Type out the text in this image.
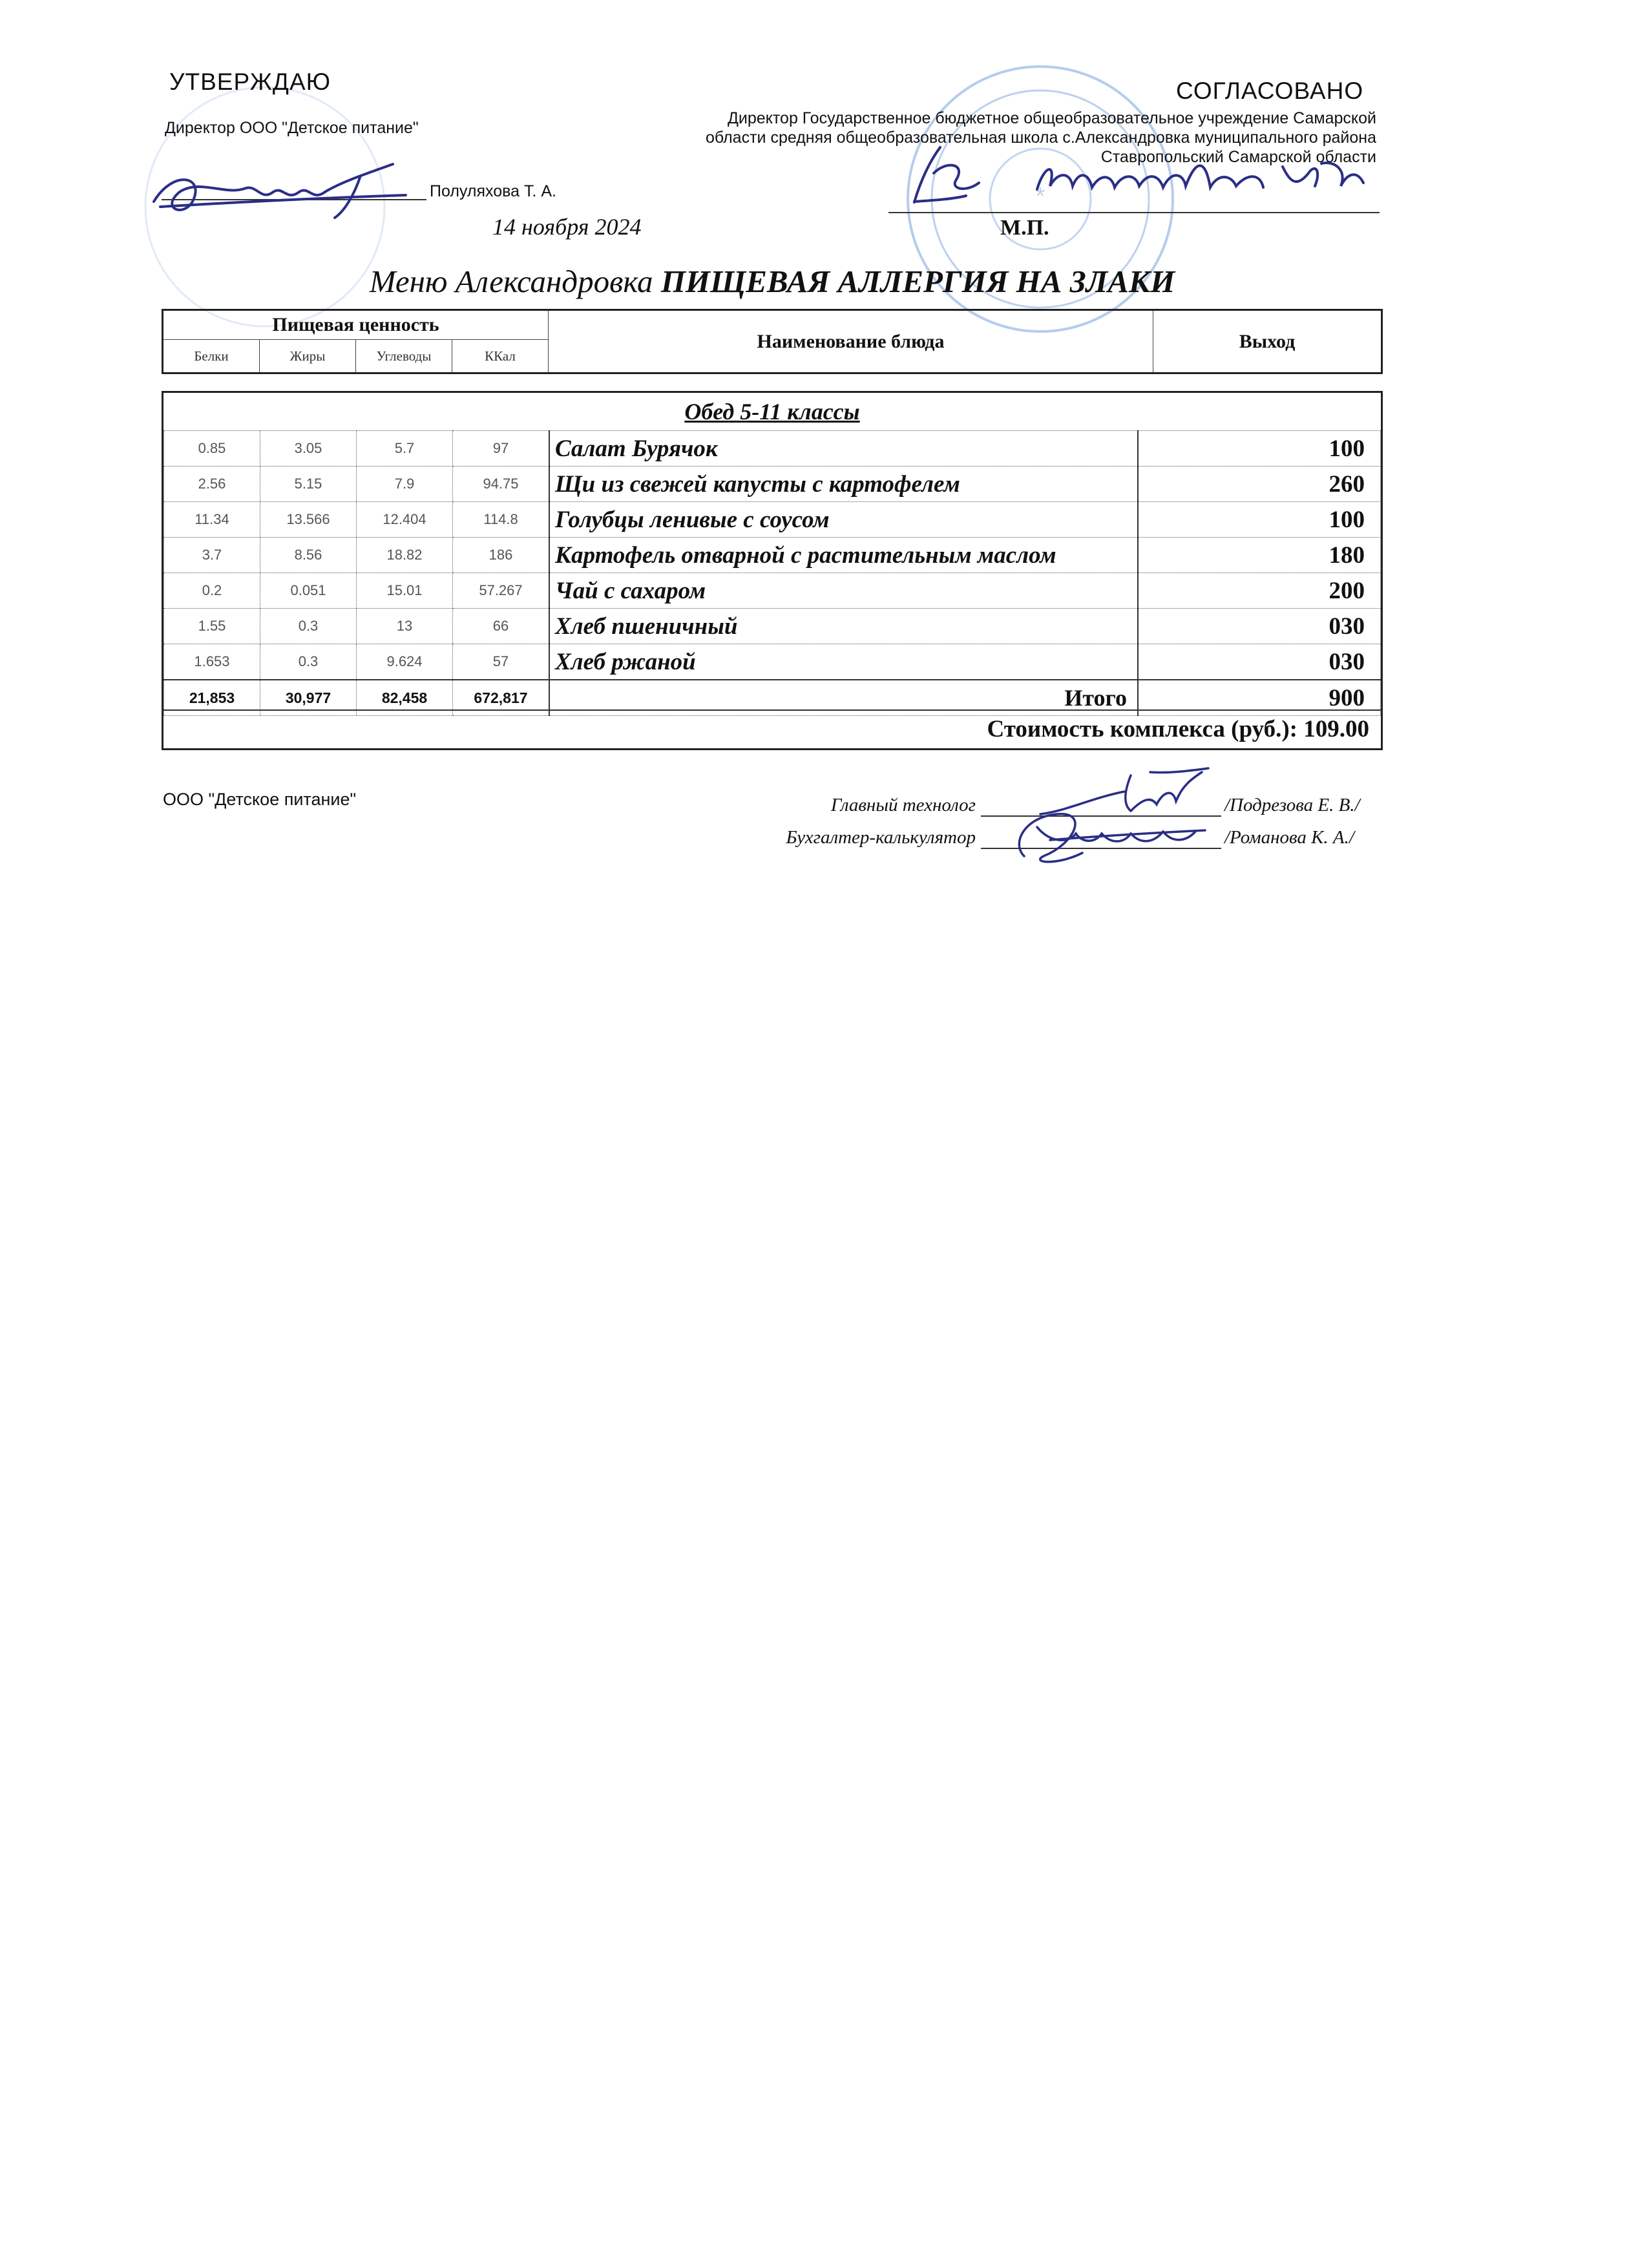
*
УТВЕРЖДАЮ
Директор ООО "Детское питание"
Полуляхова Т. А.
14 ноября 2024
СОГЛАСОВАНО
Директор Государственное бюджетное общеобразовательное учреждение Самарской
области средняя общеобразовательная школа с.Александровка муниципального района
Ставропольский Самарской области
М.П.
Меню Александровка ПИЩЕВАЯ АЛЛЕРГИЯ НА ЗЛАКИ
Пищевая ценность				Наименование блюда	Выход
Белки	Жиры	Углеводы	ККал		
Обед 5-11 классы
0.85	3.05	5.7	97	Салат Бурячок	100
2.56	5.15	7.9	94.75	Щи из свежей капусты с картофелем	260
11.34	13.566	12.404	114.8	Голубцы ленивые с соусом	100
3.7	8.56	18.82	186	Картофель отварной с растительным маслом	180
0.2	0.051	15.01	57.267	Чай с сахаром	200
1.55	0.3	13	66	Хлеб пшеничный	030
1.653	0.3	9.624	57	Хлеб ржаной	030
21,853	30,977	82,458	672,817	Итого	900
Стоимость комплекса (руб.): 109.00
ООО "Детское питание"	Главный технолог	/Подрезова Е. В./
Бухгалтер-калькулятор	/Романова К. А./
